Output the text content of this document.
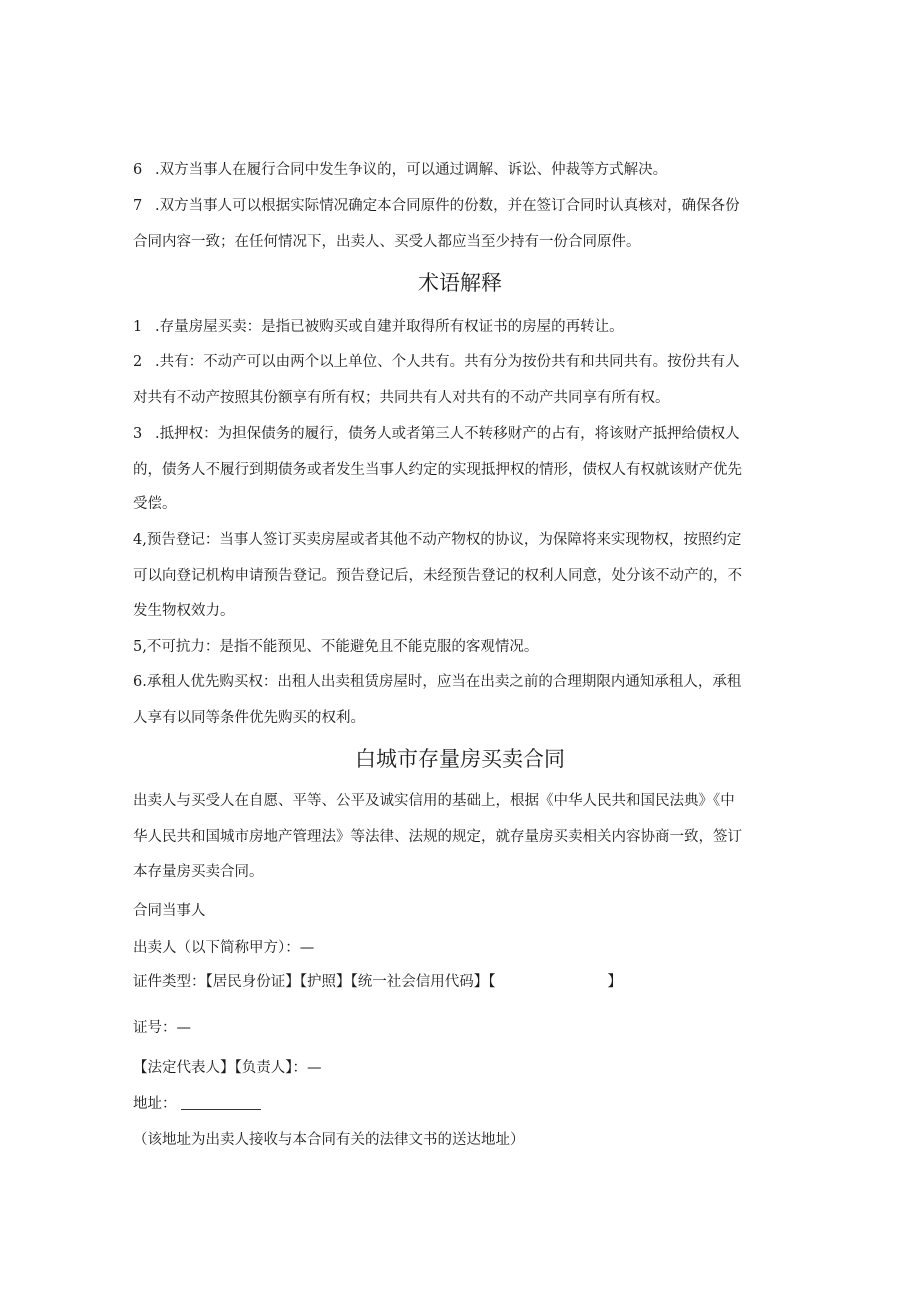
6 .双方当事人在履行合同中发生争议的，可以通过调解、诉讼、仲裁等方式解决。
7 .双方当事人可以根据实际情况确定本合同原件的份数，并在签订合同时认真核对，确保各份
合同内容一致；在任何情况下，出卖人、买受人都应当至少持有一份合同原件。
术语解释
1 .存量房屋买卖：是指已被购买或自建并取得所有权证书的房屋的再转让。
2 .共有：不动产可以由两个以上单位、个人共有。共有分为按份共有和共同共有。按份共有人
对共有不动产按照其份额享有所有权；共同共有人对共有的不动产共同享有所有权。
3 .抵押权：为担保债务的履行，债务人或者第三人不转移财产的占有，将该财产抵押给债权人
的，债务人不履行到期债务或者发生当事人约定的实现抵押权的情形，债权人有权就该财产优先
受偿。
4,预告登记：当事人签订买卖房屋或者其他不动产物权的协议，为保障将来实现物权，按照约定
可以向登记机构申请预告登记。预告登记后，未经预告登记的权利人同意，处分该不动产的，不
发生物权效力。
5,不可抗力：是指不能预见、不能避免且不能克服的客观情况。
6.承租人优先购买权：出租人出卖租赁房屋时，应当在出卖之前的合理期限内通知承租人，承租
人享有以同等条件优先购买的权利。
白城市存量房买卖合同
出卖人与买受人在自愿、平等、公平及诚实信用的基础上，根据《中华人民共和国民法典》《中
华人民共和国城市房地产管理法》等法律、法规的规定，就存量房买卖相关内容协商一致，签订
本存量房买卖合同。
合同当事人
出卖人（以下简称甲方）：—
证件类型：【居民身份证】【护照】【统一社会信用代码】【	】
证号：—
【法定代表人】【负责人】：—
地址：
（该地址为出卖人接收与本合同有关的法律文书的送达地址）
